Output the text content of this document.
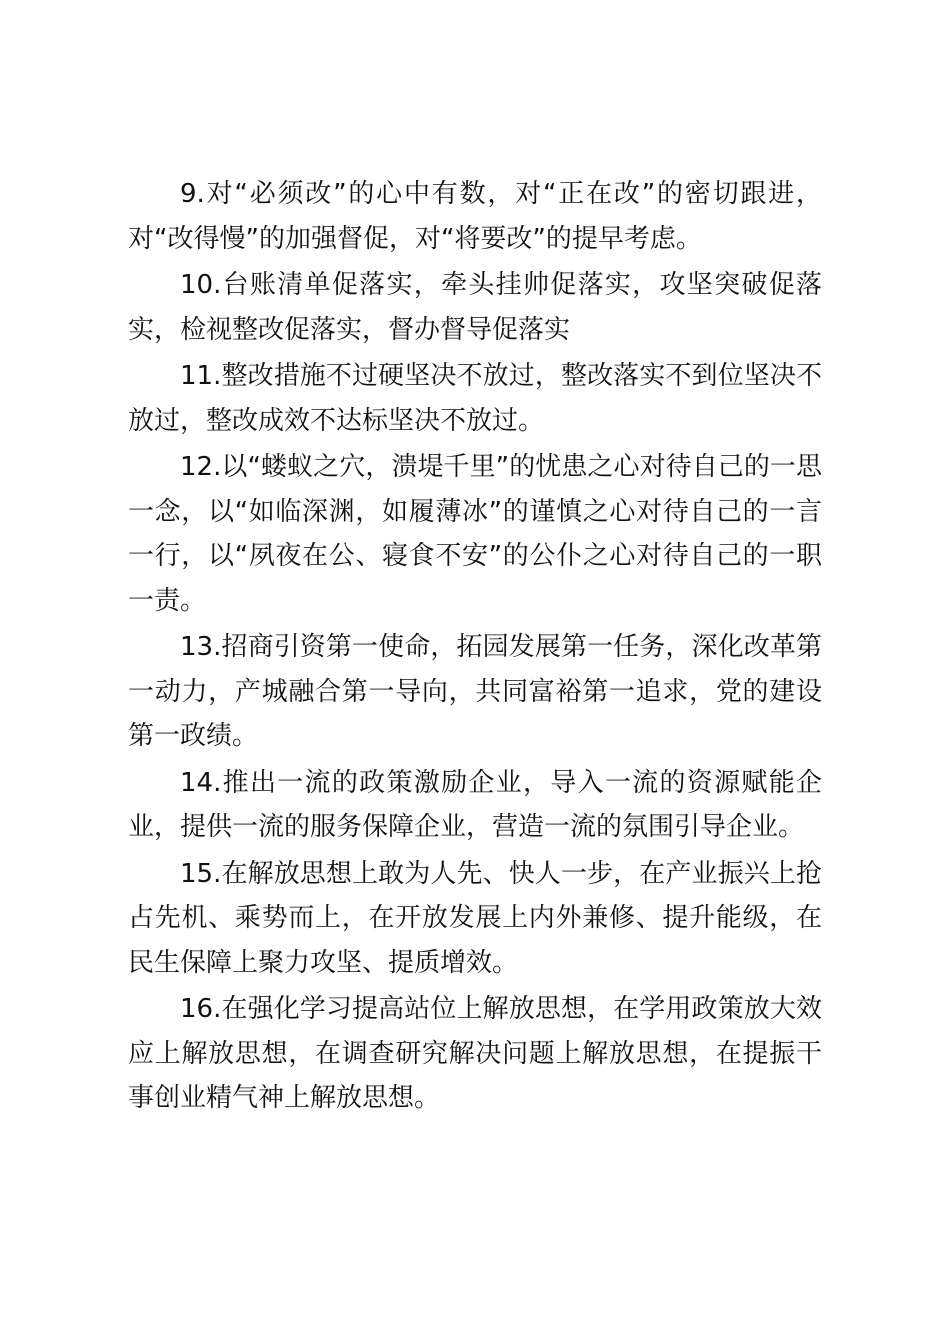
9.对“必须改”的心中有数，对“正在改”的密切跟进，对“改得慢”的加强督促，对“将要改”的提早考虑。

10.台账清单促落实，牵头挂帅促落实，攻坚突破促落实，检视整改促落实，督办督导促落实

11.整改措施不过硬坚决不放过，整改落实不到位坚决不放过，整改成效不达标坚决不放过。

12.以“蝼蚁之穴，溃堤千里”的忧患之心对待自己的一思一念，以“如临深渊，如履薄冰”的谨慎之心对待自己的一言一行，以“夙夜在公、寝食不安”的公仆之心对待自己的一职一责。

13.招商引资第一使命，拓园发展第一任务，深化改革第一动力，产城融合第一导向，共同富裕第一追求，党的建设第一政绩。

14.推出一流的政策激励企业，导入一流的资源赋能企业，提供一流的服务保障企业，营造一流的氛围引导企业。

15.在解放思想上敢为人先、快人一步，在产业振兴上抢占先机、乘势而上，在开放发展上内外兼修、提升能级，在民生保障上聚力攻坚、提质增效。

16.在强化学习提高站位上解放思想，在学用政策放大效应上解放思想，在调查研究解决问题上解放思想，在提振干事创业精气神上解放思想。
